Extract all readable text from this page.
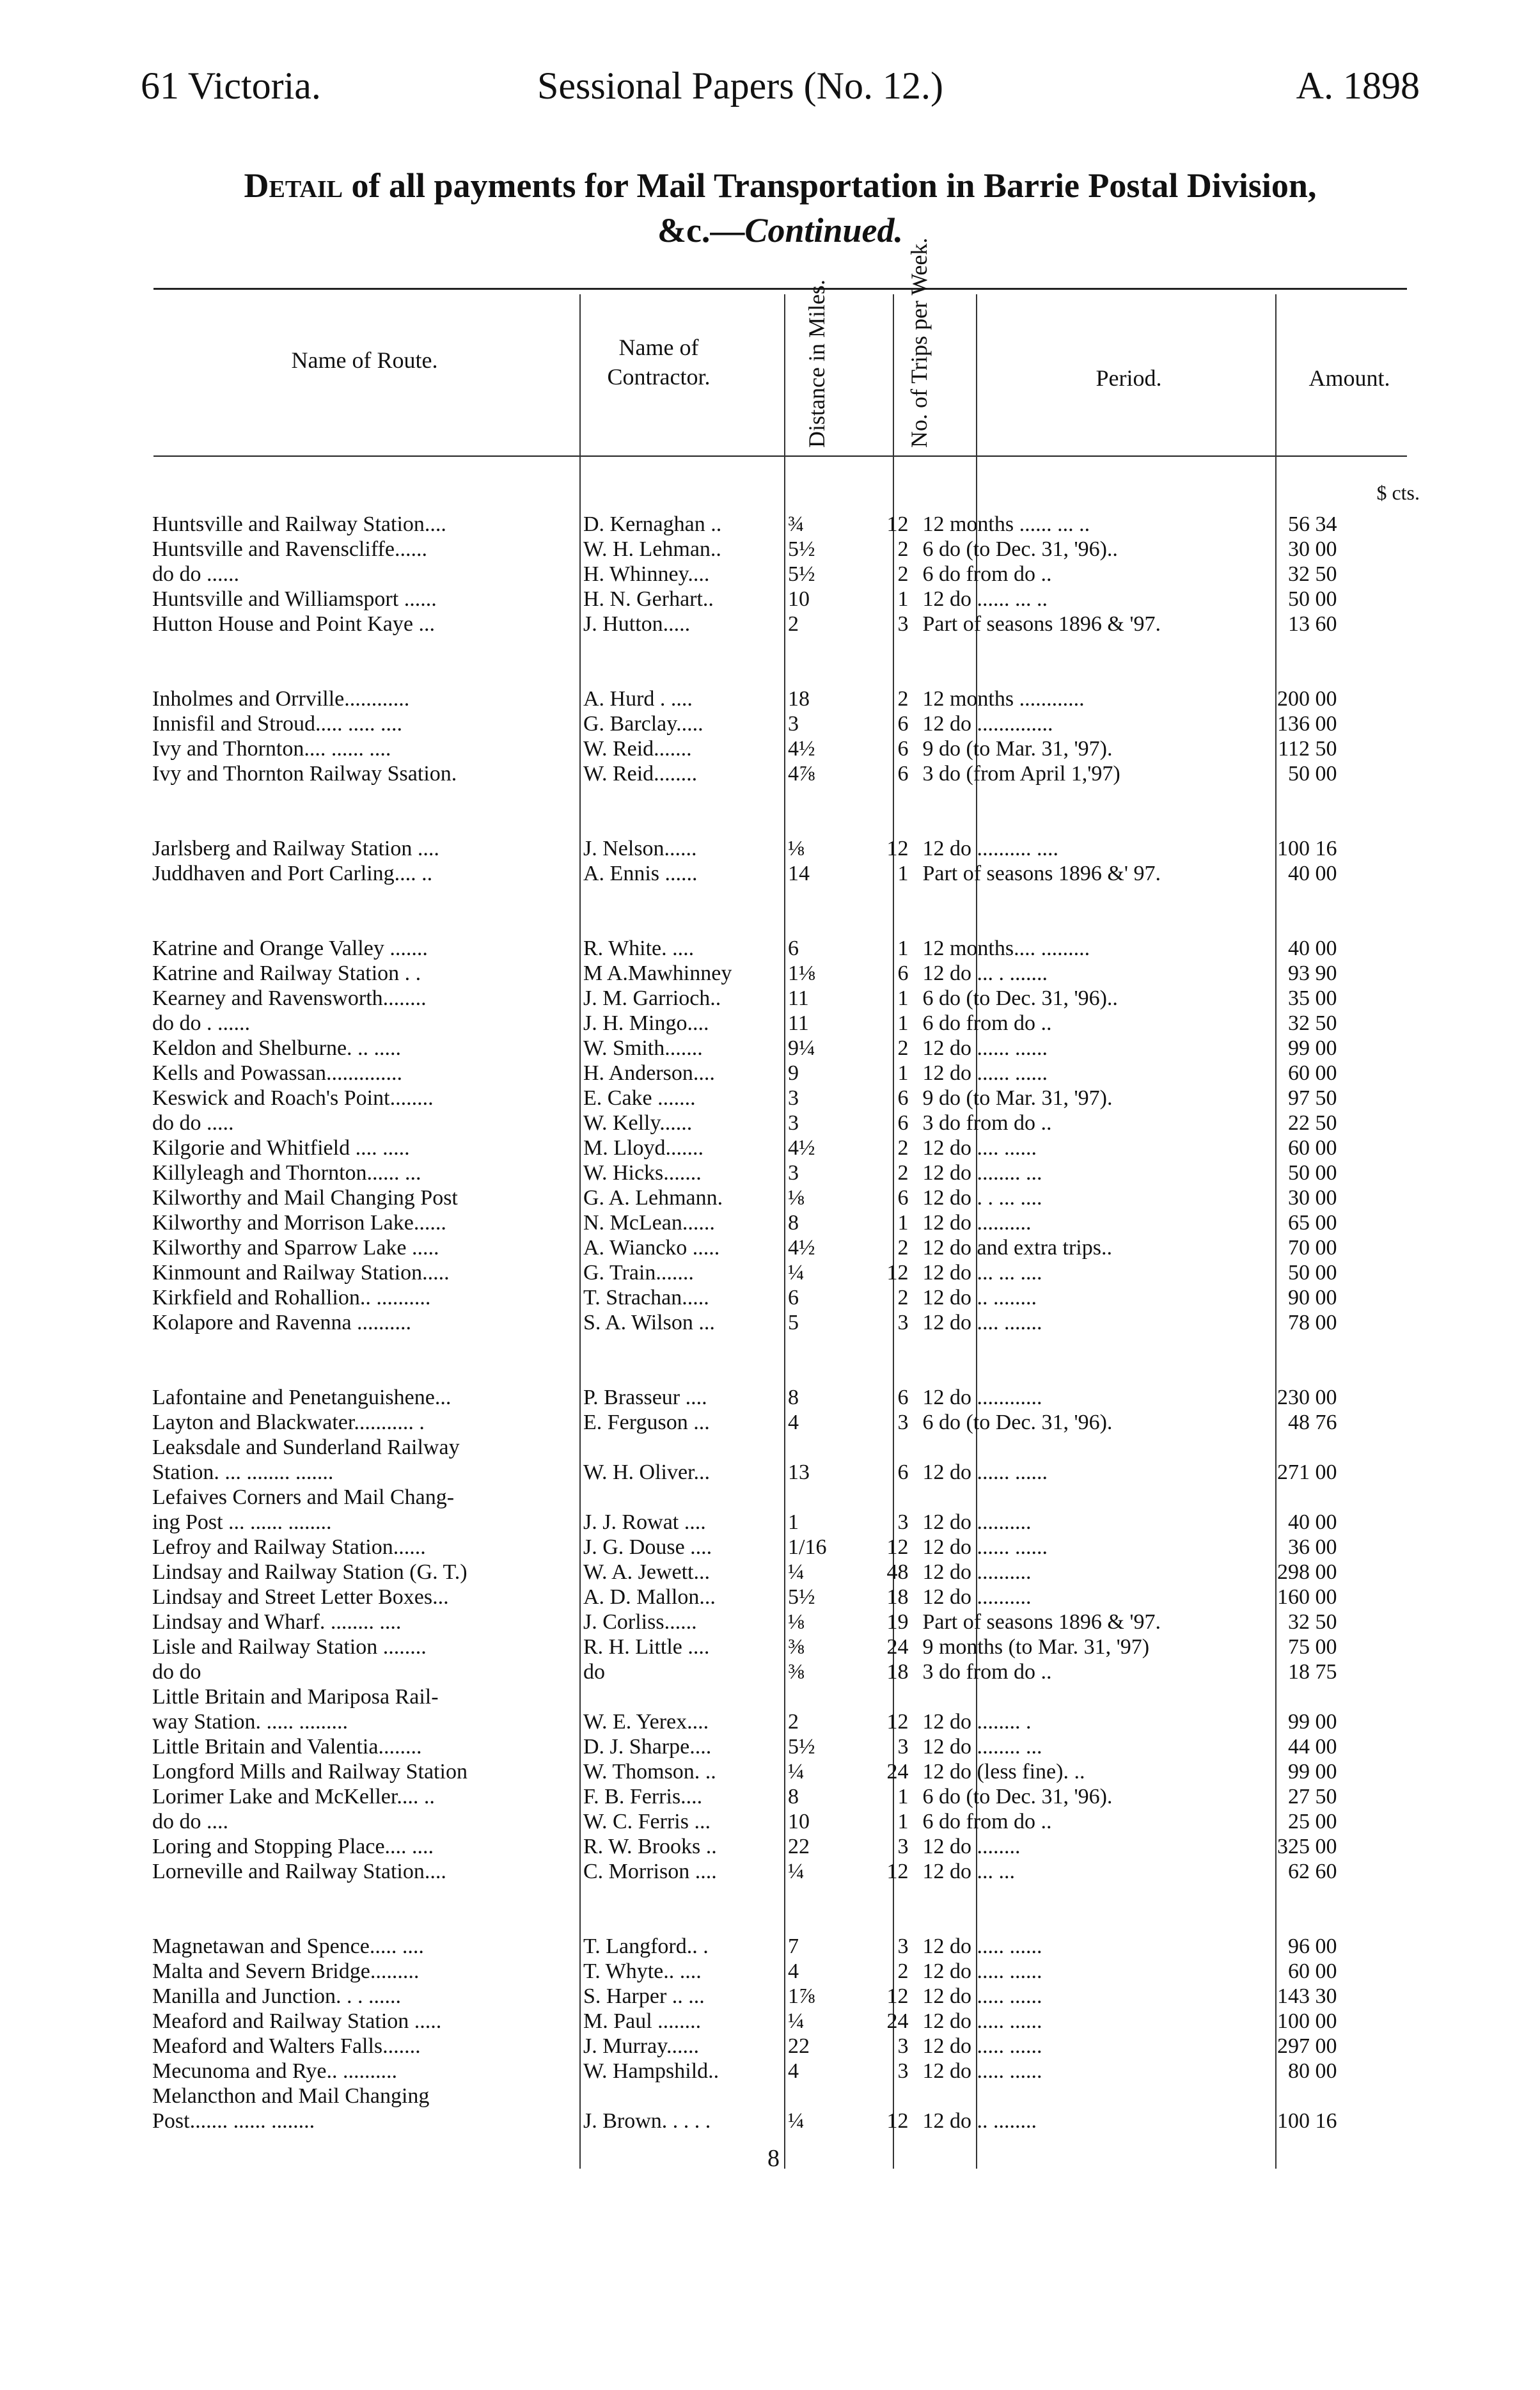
61 Victoria.	Sessional Papers (No. 12.)	A. 1898
Detail of all payments for Mail Transportation in Barrie Postal Division,
&c.—Continued.
Name of Route.	Name of Contractor.	Distance in Miles.	No. of Trips per Week.	Period.	Amount.
$ cts.
Huntsville and Railway Station....	D. Kernaghan ..	¾	12	12 months ...... ... ..	56 34
Huntsville and Ravenscliffe......	W. H. Lehman..	5½	2	6 do (to Dec. 31, '96)..	30 00
do do ......	H. Whinney....	5½	2	6 do from do ..	32 50
Huntsville and Williamsport ......	H. N. Gerhart..	10	1	12 do ...... ... ..	50 00
Hutton House and Point Kaye ...	J. Hutton.....	2	3	Part of seasons 1896 & '97.	13 60

Inholmes and Orrville............	A. Hurd . ....	18	2	12 months ............	200 00
Innisfil and Stroud..... ..... ....	G. Barclay.....	3	6	12 do ..............	136 00
Ivy and Thornton.... ...... ....	W. Reid.......	4½	6	9 do (to Mar. 31, '97).	112 50
Ivy and Thornton Railway Ssation.	W. Reid........	4⅞	6	3 do (from April 1,'97)	50 00

Jarlsberg and Railway Station ....	J. Nelson......	⅛	12	12 do .......... ....	100 16
Juddhaven and Port Carling.... ..	A. Ennis ......	14	1	Part of seasons 1896 &' 97.	40 00

Katrine and Orange Valley .......	R. White. ....	6	1	12 months.... .........	40 00
Katrine and Railway Station . .	M A.Mawhinney	1⅛	6	12 do ... . .......	93 90
Kearney and Ravensworth........	J. M. Garrioch..	11	1	6 do (to Dec. 31, '96)..	35 00
do do . ......	J. H. Mingo....	11	1	6 do from do ..	32 50
Keldon and Shelburne. .. .....	W. Smith.......	9¼	2	12 do ...... ......	99 00
Kells and Powassan..............	H. Anderson....	9	1	12 do ...... ......	60 00
Keswick and Roach's Point........	E. Cake .......	3	6	9 do (to Mar. 31, '97).	97 50
do do .....	W. Kelly......	3	6	3 do from do ..	22 50
Kilgorie and Whitfield .... .....	M. Lloyd.......	4½	2	12 do .... ......	60 00
Killyleagh and Thornton...... ...	W. Hicks.......	3	2	12 do ........ ...	50 00
Kilworthy and Mail Changing Post	G. A. Lehmann.	⅛	6	12 do . . ... ....	30 00
Kilworthy and Morrison Lake......	N. McLean......	8	1	12 do ..........	65 00
Kilworthy and Sparrow Lake .....	A. Wiancko .....	4½	2	12 do and extra trips..	70 00
Kinmount and Railway Station.....	G. Train.......	¼	12	12 do ... ... ....	50 00
Kirkfield and Rohallion.. ..........	T. Strachan.....	6	2	12 do .. ........	90 00
Kolapore and Ravenna ..........	S. A. Wilson ...	5	3	12 do .... .......	78 00

Lafontaine and Penetanguishene...	P. Brasseur ....	8	6	12 do ............	230 00
Layton and Blackwater........... .	E. Ferguson ...	4	3	6 do (to Dec. 31, '96).	48 76
Leaksdale and Sunderland Railway					
Station. ... ........ .......	W. H. Oliver...	13	6	12 do ...... ......	271 00
Lefaives Corners and Mail Chang-					
ing Post ... ...... ........	J. J. Rowat ....	1	3	12 do ..........	40 00
Lefroy and Railway Station......	J. G. Douse ....	1/16	12	12 do ...... ......	36 00
Lindsay and Railway Station (G. T.)	W. A. Jewett...	¼	48	12 do ..........	298 00
Lindsay and Street Letter Boxes...	A. D. Mallon...	5½	18	12 do ..........	160 00
Lindsay and Wharf. ........ ....	J. Corliss......	⅛	19	Part of seasons 1896 & '97.	32 50
Lisle and Railway Station ........	R. H. Little ....	⅜	24	9 months (to Mar. 31, '97)	75 00
do do	do	⅜	18	3 do from do ..	18 75
Little Britain and Mariposa Rail-					
way Station. ..... .........	W. E. Yerex....	2	12	12 do ........ .	99 00
Little Britain and Valentia........	D. J. Sharpe....	5½	3	12 do ........ ...	44 00
Longford Mills and Railway Station	W. Thomson. ..	¼	24	12 do (less fine). ..	99 00
Lorimer Lake and McKeller.... ..	F. B. Ferris....	8	1	6 do (to Dec. 31, '96).	27 50
do do ....	W. C. Ferris ...	10	1	6 do from do ..	25 00
Loring and Stopping Place.... ....	R. W. Brooks ..	22	3	12 do ........	325 00
Lorneville and Railway Station....	C. Morrison ....	¼	12	12 do ... ...	62 60

Magnetawan and Spence..... ....	T. Langford.. .	7	3	12 do ..... ......	96 00
Malta and Severn Bridge.........	T. Whyte.. ....	4	2	12 do ..... ......	60 00
Manilla and Junction. . . ......	S. Harper .. ...	1⅞	12	12 do ..... ......	143 30
Meaford and Railway Station .....	M. Paul ........	¼	24	12 do ..... ......	100 00
Meaford and Walters Falls.......	J. Murray......	22	3	12 do ..... ......	297 00
Mecunoma and Rye.. ..........	W. Hampshild..	4	3	12 do ..... ......	80 00
Melancthon and Mail Changing					
Post....... ...... ........	J. Brown. . . . .	¼	12	12 do .. ........	100 16
8
